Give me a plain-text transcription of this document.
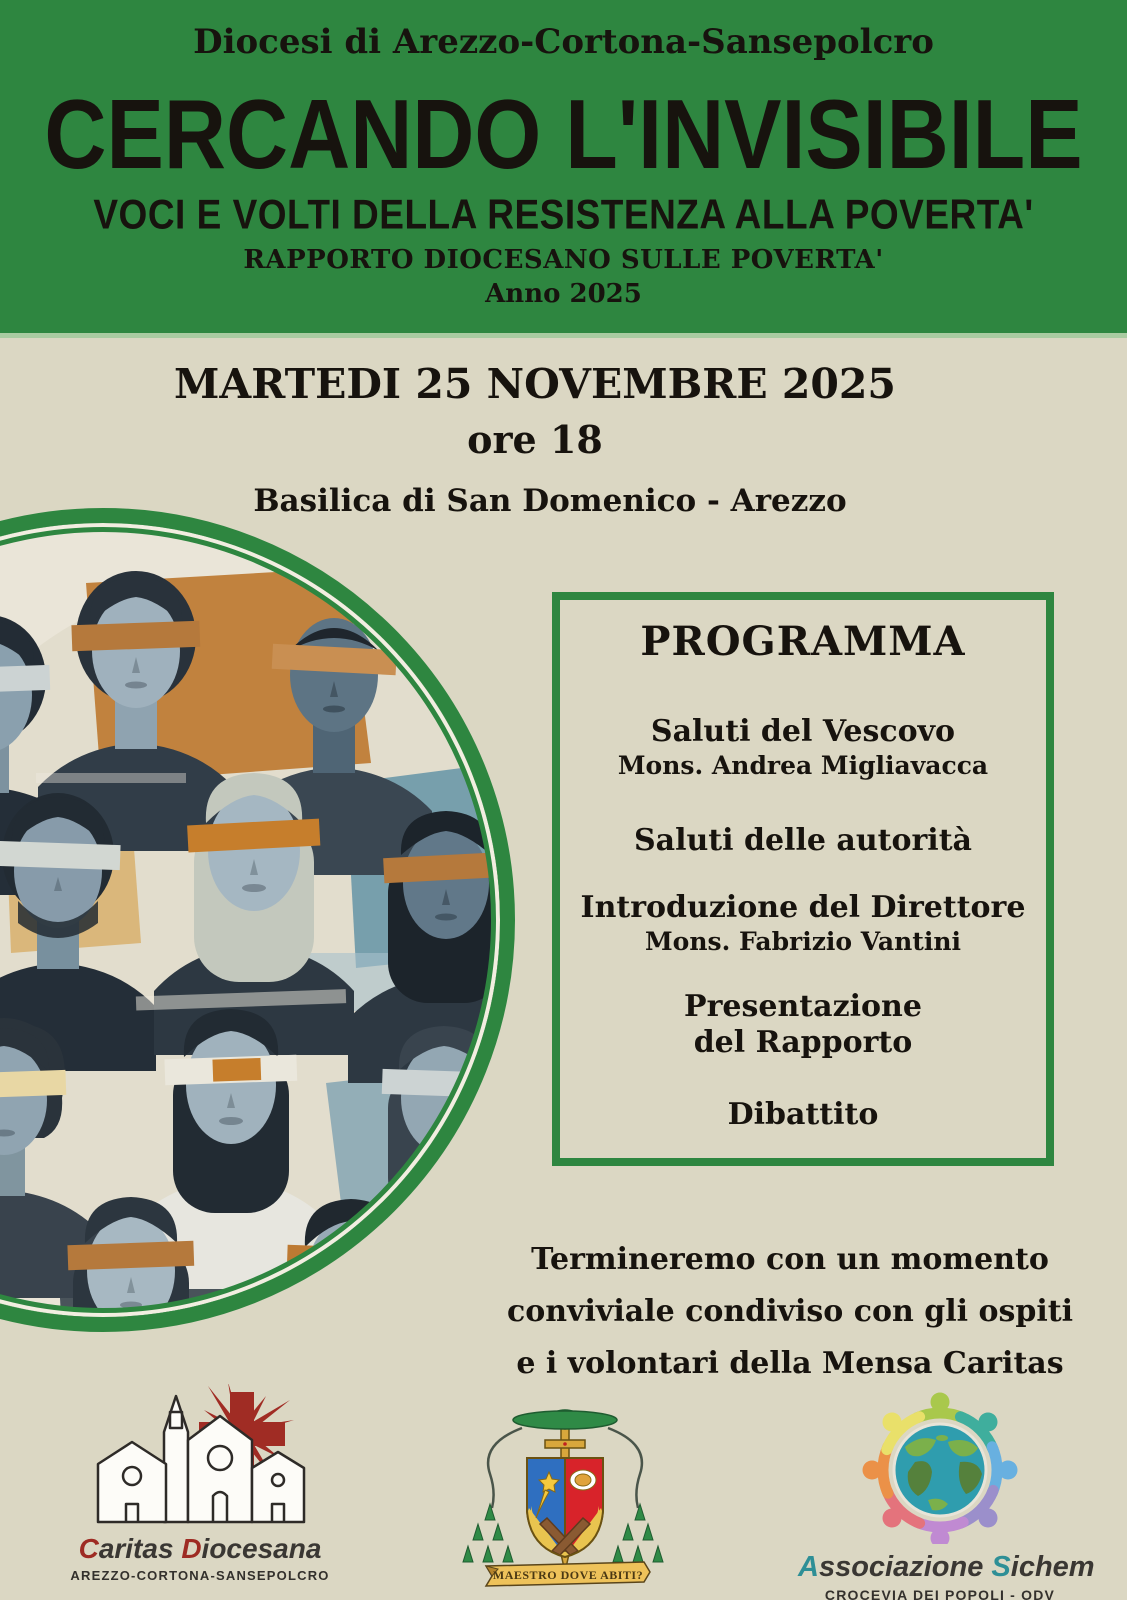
Diocesi di Arezzo-Cortona-Sansepolcro
CERCANDO L'INVISIBILE
VOCI E VOLTI DELLA RESISTENZA ALLA POVERTA'
RAPPORTO DIOCESANO SULLE POVERTA'
Anno 2025
MARTEDI 25 NOVEMBRE 2025
ore 18
Basilica di San Domenico - Arezzo
PROGRAMMA
Saluti del Vescovo
Mons. Andrea Migliavacca
Saluti delle autorità
Introduzione del Direttore
Mons. Fabrizio Vantini
Presentazione
del Rapporto
Dibattito
Termineremo con un momento
conviviale condiviso con gli ospiti
e i volontari della Mensa Caritas
Caritas Diocesana
AREZZO-CORTONA-SANSEPOLCRO	MAESTRO DOVE ABITI?	Associazione Sichem
CROCEVIA DEI POPOLI - ODV
